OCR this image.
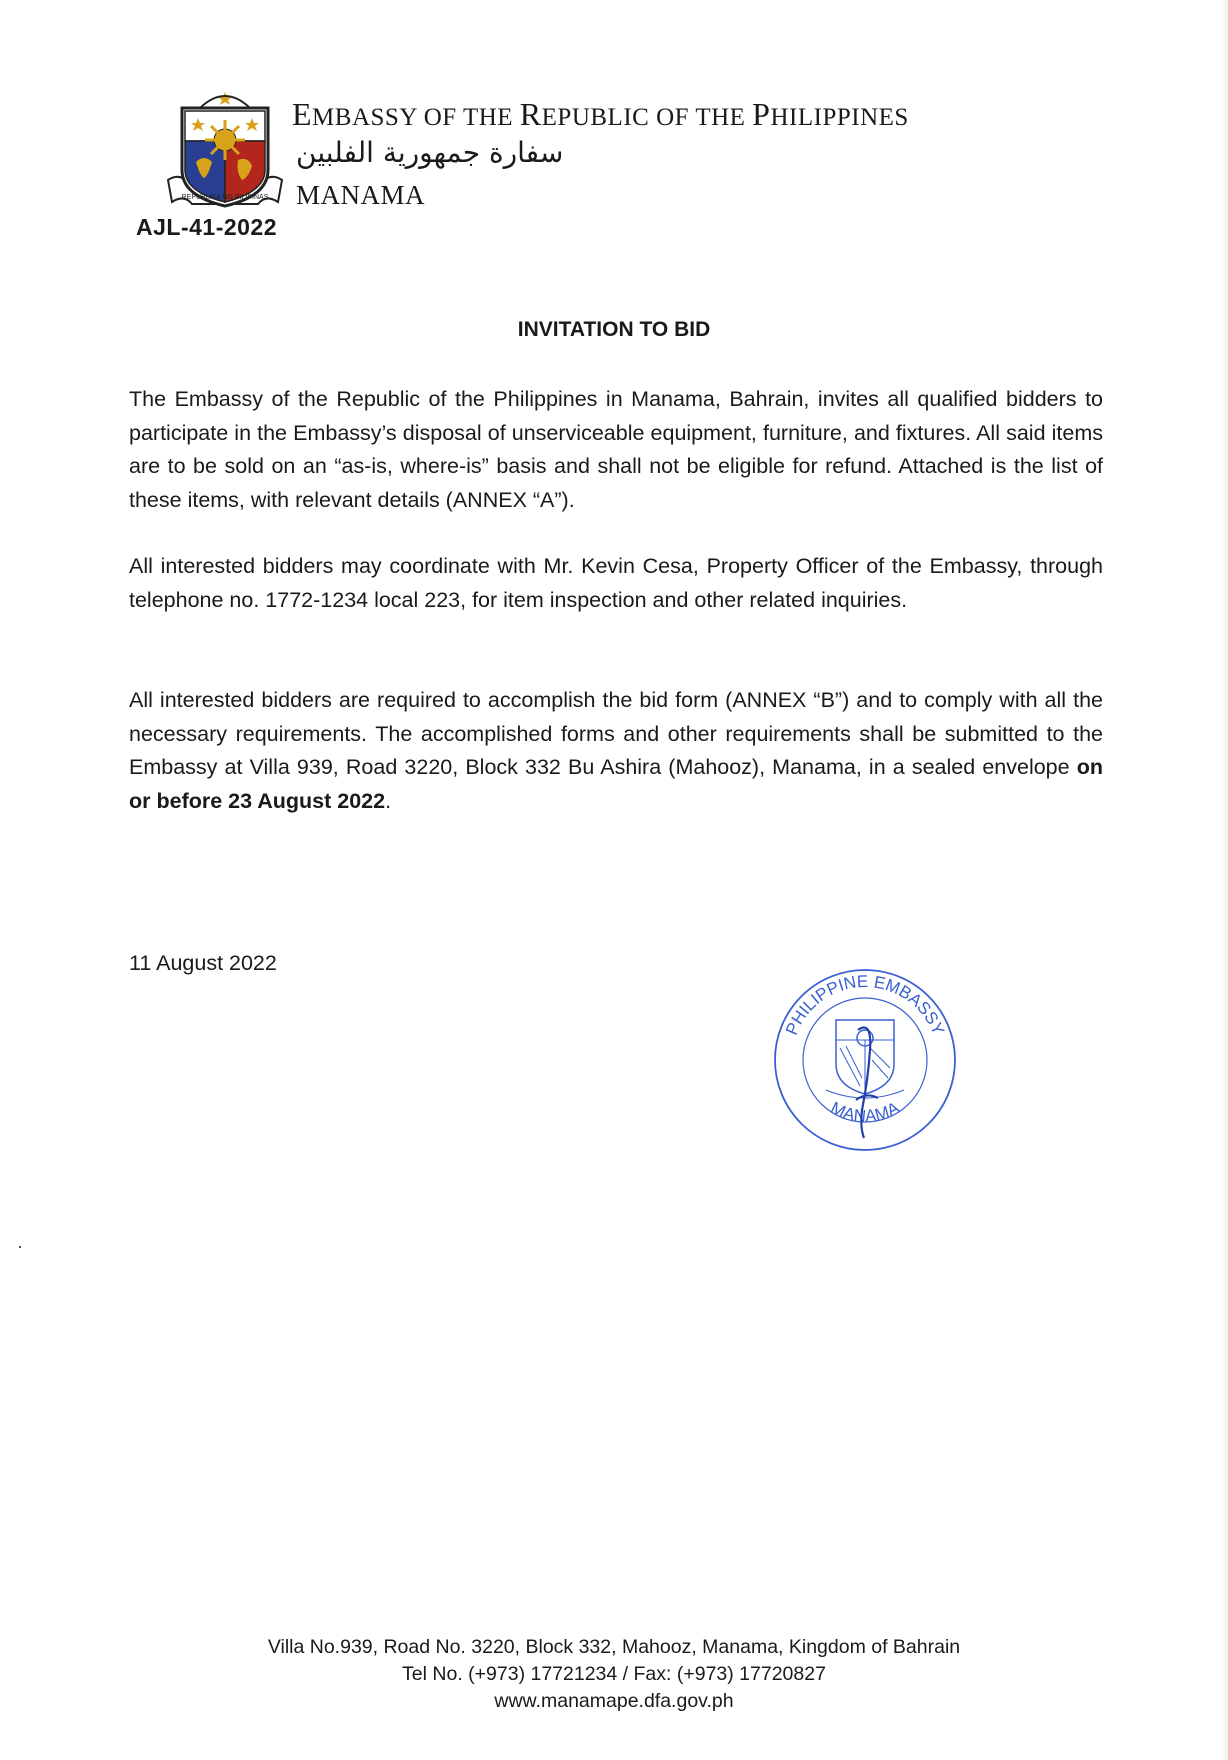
REPUBLIKA NG PILIPINAS
EMBASSY OF THE REPUBLIC OF THE PHILIPPINES
سفارة جمهورية الفلبين
MANAMA
AJL-41-2022
INVITATION TO BID
The Embassy of the Republic of the Philippines in Manama, Bahrain, invites all qualified bidders to participate in the Embassy’s disposal of unserviceable equipment, furniture, and fixtures. All said items are to be sold on an “as-is, where-is” basis and shall not be eligible for refund. Attached is the list of these items, with relevant details (ANNEX “A”).
All interested bidders may coordinate with Mr. Kevin Cesa, Property Officer of the Embassy, through telephone no. 1772-1234 local 223, for item inspection and other related inquiries.
All interested bidders are required to accomplish the bid form (ANNEX “B”) and to comply with all the necessary requirements. The accomplished forms and other requirements shall be submitted to the Embassy at Villa 939, Road 3220, Block 332 Bu Ashira (Mahooz), Manama, in a sealed envelope on or before 23 August 2022.
11 August 2022
PHILIPPINE EMBASSY
MANAMA
Villa No.939, Road No. 3220, Block 332, Mahooz, Manama, Kingdom of Bahrain
Tel No. (+973) 17721234 / Fax: (+973) 17720827
www.manamape.dfa.gov.ph
